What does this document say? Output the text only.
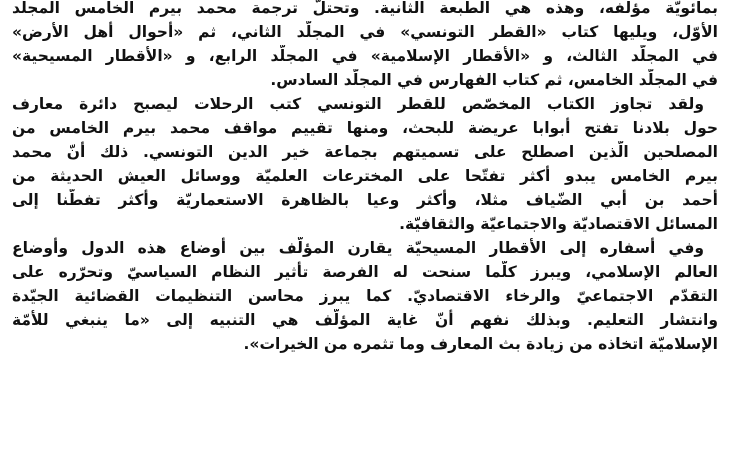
بمائويّة مؤلّفه، وهذه هي الطبعة الثانية. وتحتلّ ترجمة محمد بيرم الخامس المجلّد
الأوّل، ويليها كتاب «القطر التونسي» في المجلّد الثاني، ثم «أحوال أهل الأرض»
في المجلّد الثالث، و «الأقطار الإسلامية» في المجلّد الرابع، و «الأقطار المسيحية»
في المجلّد الخامس، ثم كتاب الفهارس في المجلّد السادس.
ولقد تجاوز الكتاب المخصّص للقطر التونسي كتب الرحلات ليصبح دائرة معارف
حول بلادنا تفتح أبوابا عريضة للبحث، ومنها تقييم مواقف محمد بيرم الخامس من
المصلحين الّذين اصطلح على تسميتهم بجماعة خير الدين التونسي. ذلك أنّ محمد
بيرم الخامس يبدو أكثر تفتّحا على المخترعات العلميّة ووسائل العيش الحديثة من
أحمد بن أبي الضّياف مثلا، وأكثر وعيا بالظاهرة الاستعماريّة وأكثر تفطّنا إلى
المسائل الاقتصاديّة والاجتماعيّة والثقافيّة.
وفي أسفاره إلى الأقطار المسيحيّة يقارن المؤلّف بين أوضاع هذه الدول وأوضاع
العالم الإسلامي، ويبرز كلّما سنحت له الفرصة تأثير النظام السياسيّ وتحرّره على
التقدّم الاجتماعيّ والرخاء الاقتصاديّ. كما يبرز محاسن التنظيمات القضائية الجيّدة
وانتشار التعليم. وبذلك نفهم أنّ غاية المؤلّف هي التنبيه إلى «ما ينبغي للأمّة
الإسلاميّة اتخاذه من زيادة بث المعارف وما تثمره من الخيرات».
